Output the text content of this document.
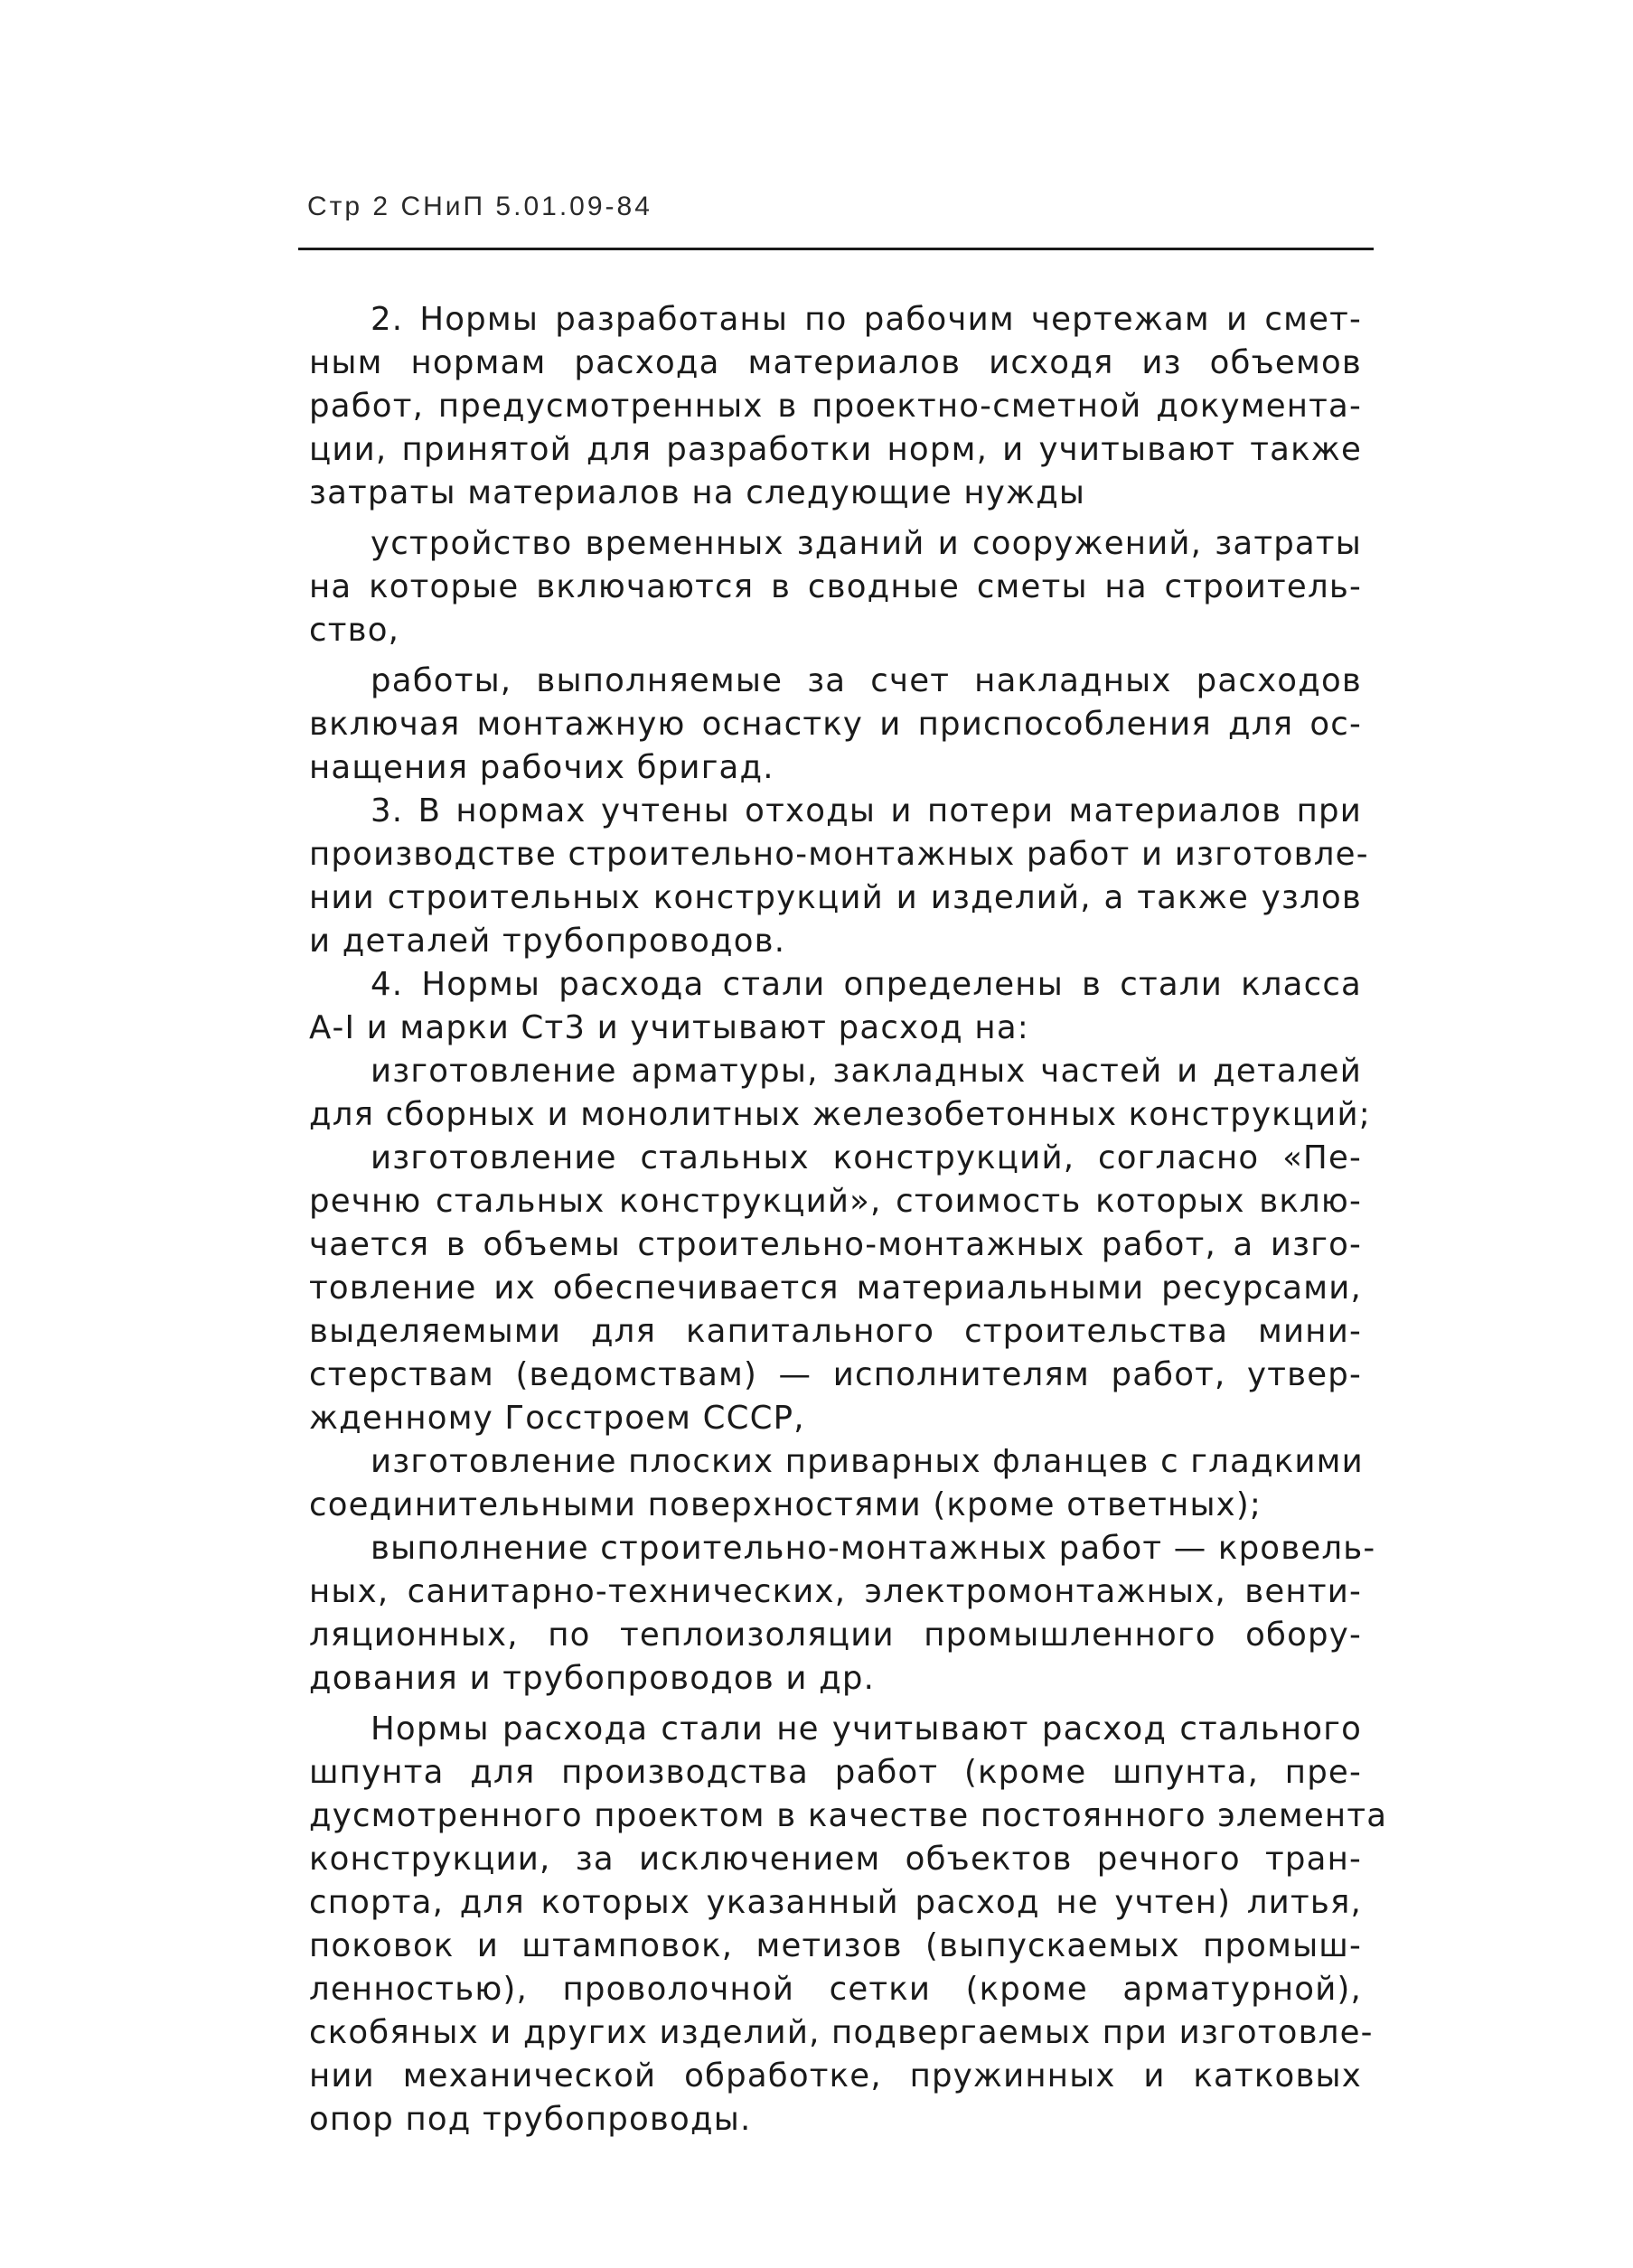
Стр 2 СНиП 5.01.09-84
2. Нормы разработаны по рабочим чертежам и смет-
ным нормам расхода материалов исходя из объемов
работ, предусмотренных в проектно-сметной документа-
ции, принятой для разработки норм, и учитывают также
затраты материалов на следующие нужды
устройство временных зданий и сооружений, затраты
на которые включаются в сводные сметы на строитель-
ство,
работы, выполняемые за счет накладных расходов
включая монтажную оснастку и приспособления для ос-
нащения рабочих бригад.
3. В нормах учтены отходы и потери материалов при
производстве строительно-монтажных работ и изготовле-
нии строительных конструкций и изделий, а также узлов
и деталей трубопроводов.
4. Нормы расхода стали определены в стали класса
А-I и марки Ст3 и учитывают расход на:
изготовление арматуры, закладных частей и деталей
для сборных и монолитных железобетонных конструкций;
изготовление стальных конструкций, согласно «Пе-
речню стальных конструкций», стоимость которых вклю-
чается в объемы строительно-монтажных работ, а изго-
товление их обеспечивается материальными ресурсами,
выделяемыми для капитального строительства мини-
стерствам (ведомствам) — исполнителям работ, утвер-
жденному Госстроем СССР,
изготовление плоских приварных фланцев с гладкими
соединительными поверхностями (кроме ответных);
выполнение строительно-монтажных работ — кровель-
ных, санитарно-технических, электромонтажных, венти-
ляционных, по теплоизоляции промышленного обору-
дования и трубопроводов и др.
Нормы расхода стали не учитывают расход стального
шпунта для производства работ (кроме шпунта, пре-
дусмотренного проектом в качестве постоянного элемента
конструкции, за исключением объектов речного тран-
спорта, для которых указанный расход не учтен) литья,
поковок и штамповок, метизов (выпускаемых промыш-
ленностью), проволочной сетки (кроме арматурной),
скобяных и других изделий, подвергаемых при изготовле-
нии механической обработке, пружинных и катковых
опор под трубопроводы.
